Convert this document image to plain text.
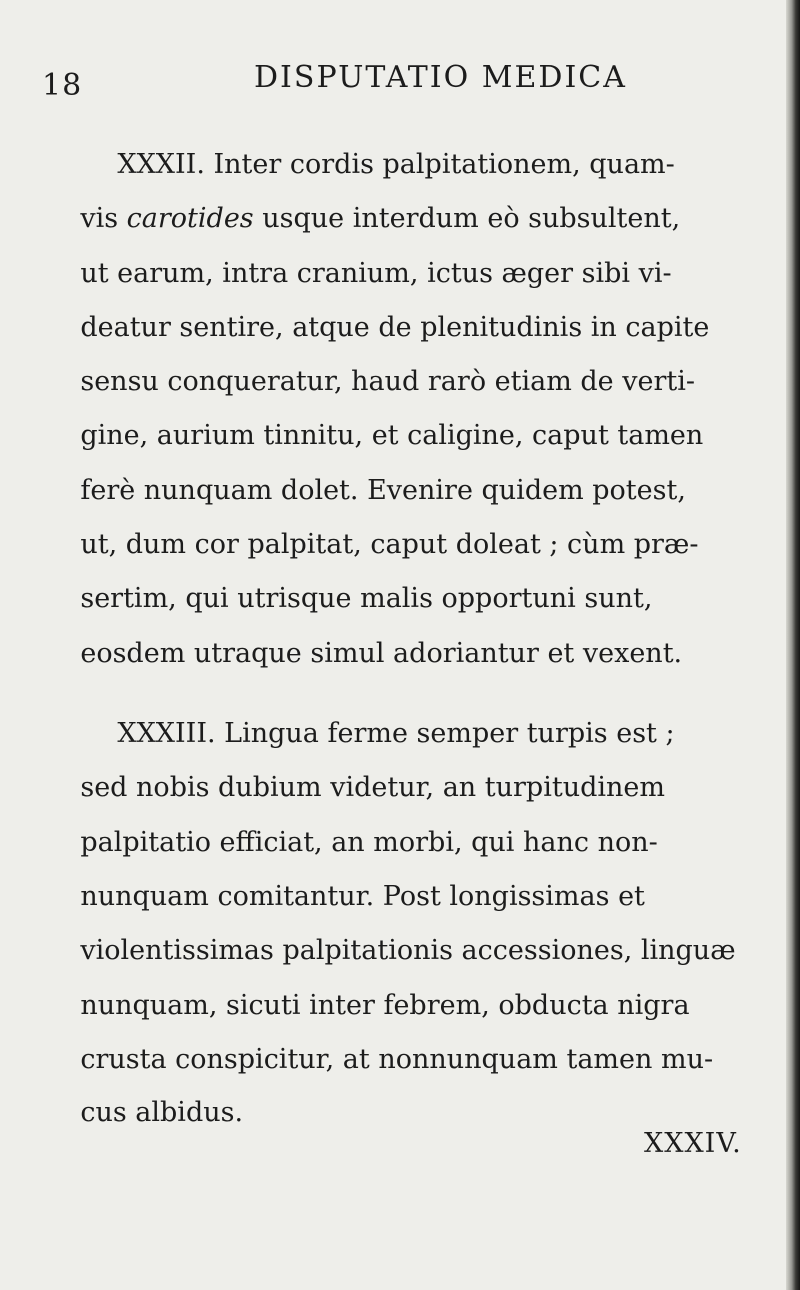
18	DISPUTATIO MEDICA

XXXII. Inter cordis palpitationem, quam-

vis carotides usque interdum eò subsultent,

ut earum, intra cranium, ictus æger sibi vi-

deatur sentire, atque de plenitudinis in capite

sensu conqueratur, haud rarò etiam de verti-

gine, aurium tinnitu, et caligine, caput tamen

ferè nunquam dolet. Evenire quidem potest,

ut, dum cor palpitat, caput doleat ; cùm præ-

sertim, qui utrisque malis opportuni sunt,

eosdem utraque simul adoriantur et vexent.

XXXIII. Lingua ferme semper turpis est ;

sed nobis dubium videtur, an turpitudinem

palpitatio efficiat, an morbi, qui hanc non-

nunquam comitantur. Post longissimas et

violentissimas palpitationis accessiones, linguæ

nunquam, sicuti inter febrem, obducta nigra

crusta conspicitur, at nonnunquam tamen mu-

cus albidus.

XXXIV.
